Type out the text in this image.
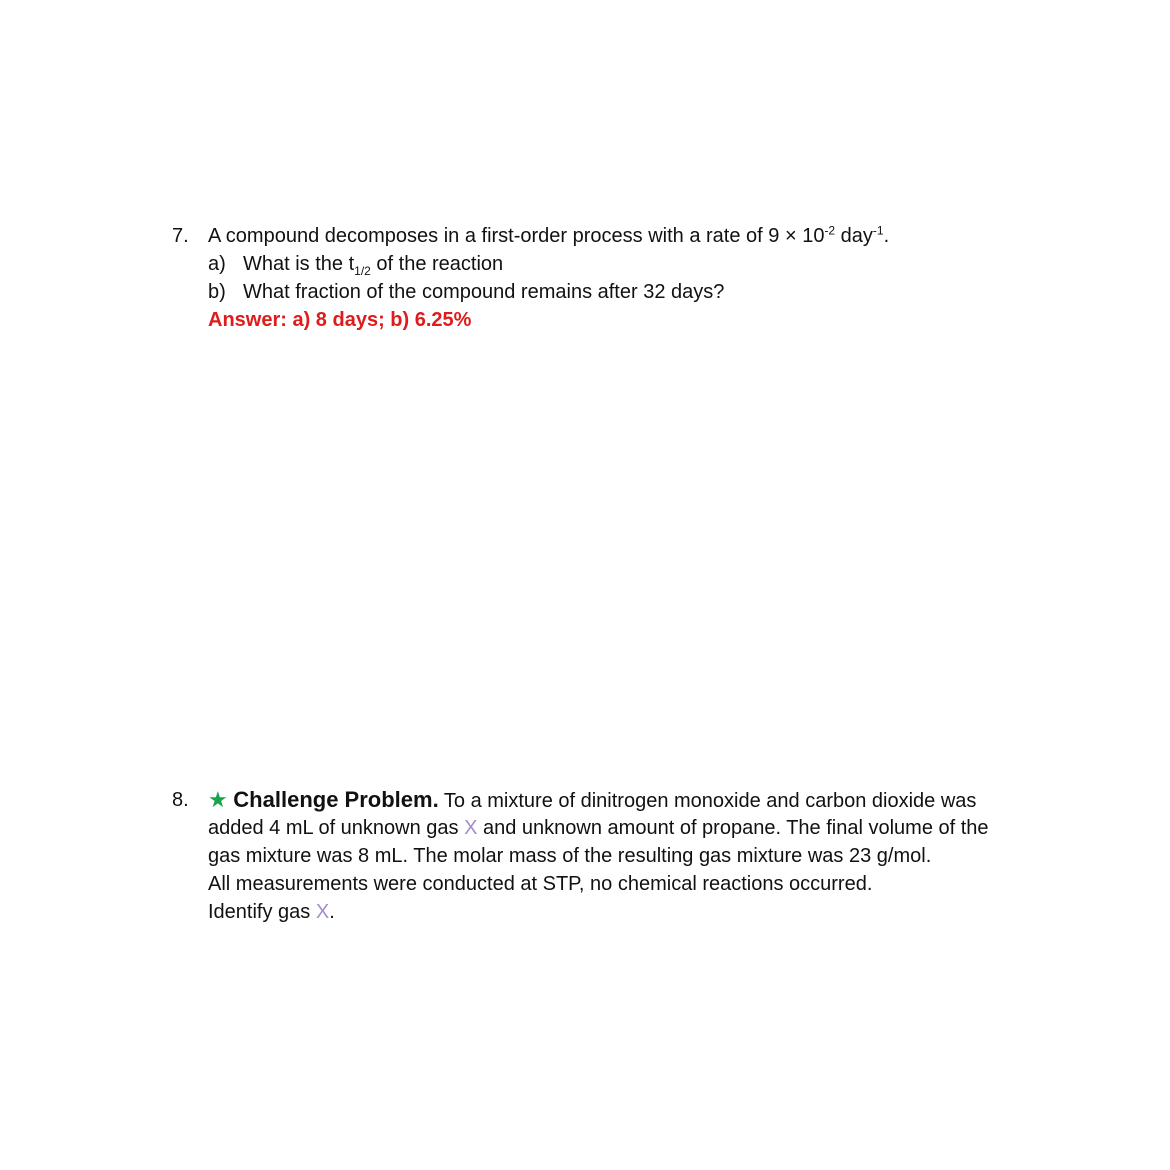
7. A compound decomposes in a first-order process with a rate of $9 \times 10^{-2}$ day$^{-1}$.
a) What is the $t_{1/2}$ of the reaction
b) What fraction of the compound remains after 32 days?
Answer: a) 8 days; b) 6.25%
8. ★ Challenge Problem. To a mixture of dinitrogen monoxide and carbon dioxide was
added 4 mL of unknown gas X and unknown amount of propane. The final volume of the
gas mixture was 8 mL. The molar mass of the resulting gas mixture was 23 g/mol.
All measurements were conducted at STP, no chemical reactions occurred.
Identify gas X.
